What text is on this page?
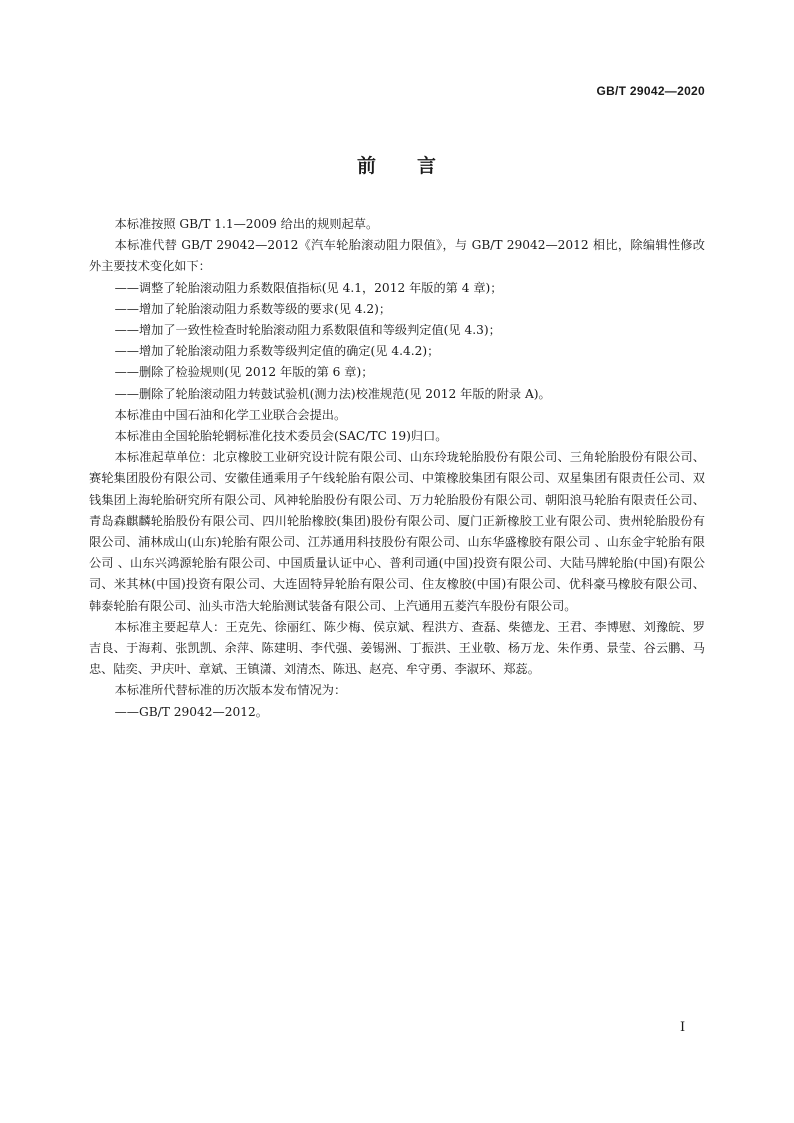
GB/T 29042—2020
前　　言

本标准按照 GB/T 1.1—2009 给出的规则起草。

本标准代替 GB/T 29042—2012《汽车轮胎滚动阻力限值》，与 GB/T 29042—2012 相比，除编辑性修改外主要技术变化如下：

——调整了轮胎滚动阻力系数限值指标(见 4.1，2012 年版的第 4 章)；

——增加了轮胎滚动阻力系数等级的要求(见 4.2)；

——增加了一致性检查时轮胎滚动阻力系数限值和等级判定值(见 4.3)；

——增加了轮胎滚动阻力系数等级判定值的确定(见 4.4.2)；

——删除了检验规则(见 2012 年版的第 6 章)；

——删除了轮胎滚动阻力转鼓试验机(测力法)校准规范(见 2012 年版的附录 A)。

本标准由中国石油和化学工业联合会提出。

本标准由全国轮胎轮辋标准化技术委员会(SAC/TC 19)归口。

本标准起草单位：北京橡胶工业研究设计院有限公司、山东玲珑轮胎股份有限公司、三角轮胎股份有限公司、赛轮集团股份有限公司、安徽佳通乘用子午线轮胎有限公司、中策橡胶集团有限公司、双星集团有限责任公司、双钱集团上海轮胎研究所有限公司、风神轮胎股份有限公司、万力轮胎股份有限公司、朝阳浪马轮胎有限责任公司、青岛森麒麟轮胎股份有限公司、四川轮胎橡胶(集团)股份有限公司、厦门正新橡胶工业有限公司、贵州轮胎股份有限公司、浦林成山(山东)轮胎有限公司、江苏通用科技股份有限公司、山东华盛橡胶有限公司 、山东金宇轮胎有限公司 、山东兴鸿源轮胎有限公司、中国质量认证中心、普利司通(中国)投资有限公司、大陆马牌轮胎(中国)有限公司、米其林(中国)投资有限公司、大连固特异轮胎有限公司、住友橡胶(中国)有限公司、优科豪马橡胶有限公司、韩泰轮胎有限公司、汕头市浩大轮胎测试装备有限公司、上汽通用五菱汽车股份有限公司。

本标准主要起草人：王克先、徐丽红、陈少梅、侯京斌、程洪方、查磊、柴德龙、王君、李博慰、刘豫皖、罗吉良、于海莉、张凯凯、余萍、陈建明、李代强、姜锡洲、丁振洪、王业敬、杨万龙、朱作勇、景莹、谷云鹏、马忠、陆奕、尹庆叶、章斌、王镇潇、刘清杰、陈迅、赵亮、牟守勇、李淑环、郑蕊。

本标准所代替标准的历次版本发布情况为：

——GB/T 29042—2012。

Ⅰ
